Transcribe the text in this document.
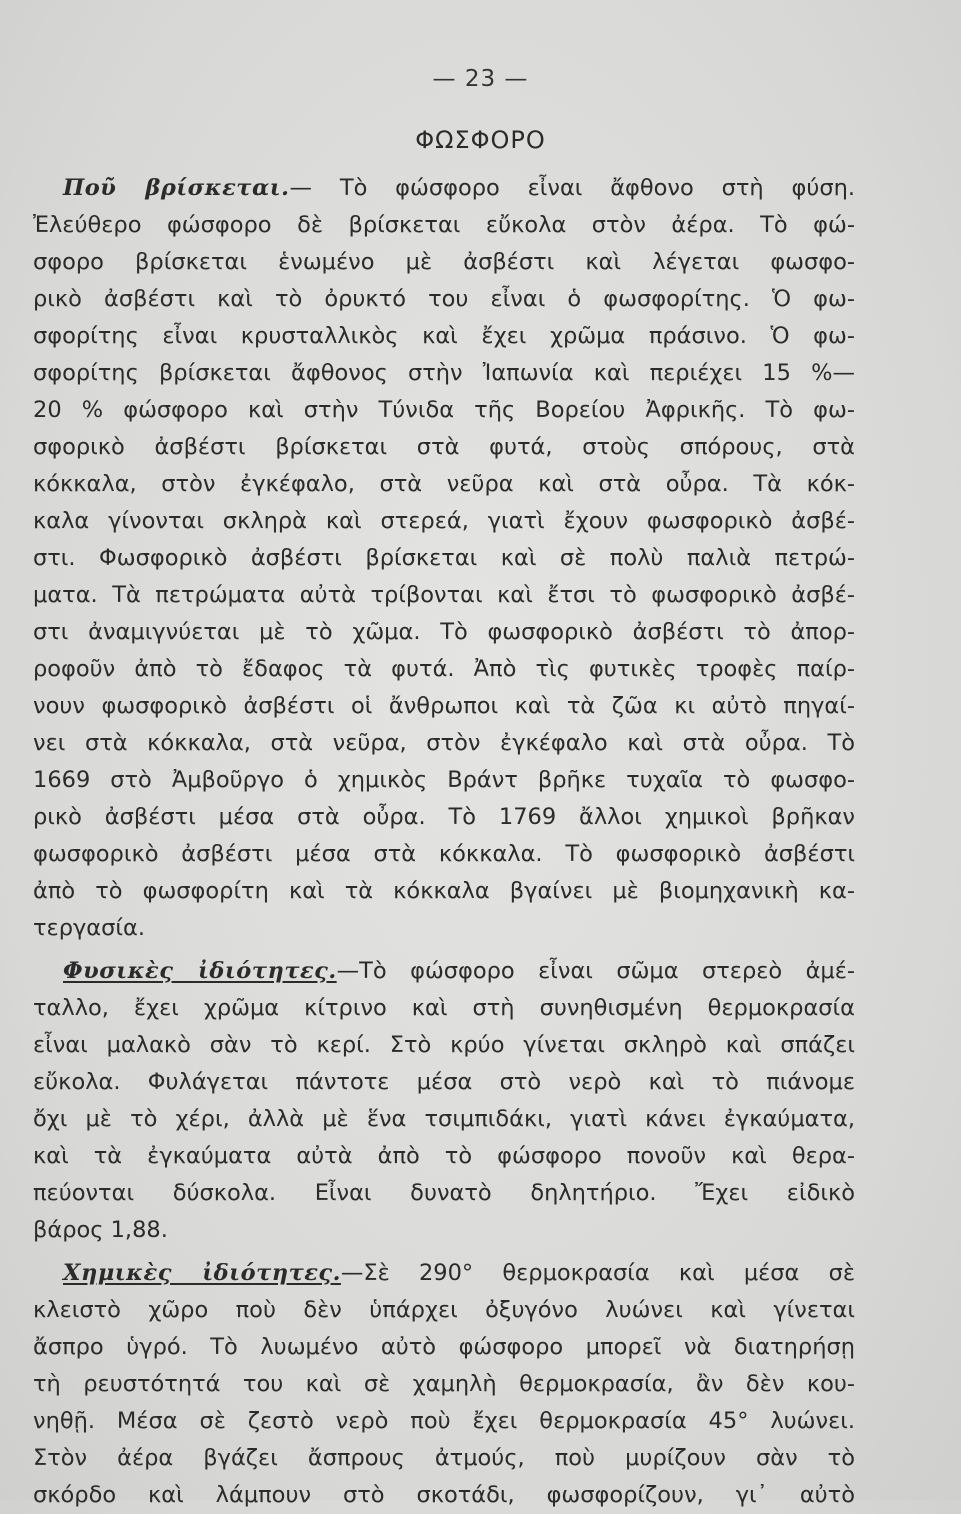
— 23 —
ΦΩΣΦΟΡΟ
Ποῦ βρίσκεται.— Τὸ φώσφορο εἶναι ἄφθονο στὴ φύση.
Ἐλεύθερο φώσφορο δὲ βρίσκεται εὔκολα στὸν ἀέρα. Τὸ φώ-
σφορο βρίσκεται ἑνωμένο μὲ ἀσβέστι καὶ λέγεται φωσφο-
ρικὸ ἀσβέστι καὶ τὸ ὀρυκτό του εἶναι ὁ φωσφορίτης. Ὁ φω-
σφορίτης εἶναι κρυσταλλικὸς καὶ ἔχει χρῶμα πράσινο. Ὁ φω-
σφορίτης βρίσκεται ἄφθονος στὴν Ἰαπωνία καὶ περιέχει 15 %—
20 % φώσφορο καὶ στὴν Τύνιδα τῆς Βορείου Ἀφρικῆς. Τὸ φω-
σφορικὸ ἀσβέστι βρίσκεται στὰ φυτά, στοὺς σπόρους, στὰ
κόκκαλα, στὸν ἐγκέφαλο, στὰ νεῦρα καὶ στὰ οὖρα. Τὰ κόκ-
καλα γίνονται σκληρὰ καὶ στερεά, γιατὶ ἔχουν φωσφορικὸ ἀσβέ-
στι. Φωσφορικὸ ἀσβέστι βρίσκεται καὶ σὲ πολὺ παλιὰ πετρώ-
ματα. Τὰ πετρώματα αὐτὰ τρίβονται καὶ ἔτσι τὸ φωσφορικὸ ἀσβέ-
στι ἀναμιγνύεται μὲ τὸ χῶμα. Τὸ φωσφορικὸ ἀσβέστι τὸ ἀπορ-
ροφοῦν ἀπὸ τὸ ἔδαφος τὰ φυτά. Ἀπὸ τὶς φυτικὲς τροφὲς παίρ-
νουν φωσφορικὸ ἀσβέστι οἱ ἄνθρωποι καὶ τὰ ζῶα κι αὐτὸ πηγαί-
νει στὰ κόκκαλα, στὰ νεῦρα, στὸν ἐγκέφαλο καὶ στὰ οὖρα. Τὸ
1669 στὸ Ἀμβοῦργο ὁ χημικὸς Βράντ βρῆκε τυχαῖα τὸ φωσφο-
ρικὸ ἀσβέστι μέσα στὰ οὖρα. Τὸ 1769 ἄλλοι χημικοὶ βρῆκαν
φωσφορικὸ ἀσβέστι μέσα στὰ κόκκαλα. Τὸ φωσφορικὸ ἀσβέστι
ἀπὸ τὸ φωσφορίτη καὶ τὰ κόκκαλα βγαίνει μὲ βιομηχανικὴ κα-
τεργασία.
Φυσικὲς ἰδιότητες.—Τὸ φώσφορο εἶναι σῶμα στερεὸ ἀμέ-
ταλλο, ἔχει χρῶμα κίτρινο καὶ στὴ συνηθισμένη θερμοκρασία
εἶναι μαλακὸ σὰν τὸ κερί. Στὸ κρύο γίνεται σκληρὸ καὶ σπάζει
εὔκολα. Φυλάγεται πάντοτε μέσα στὸ νερὸ καὶ τὸ πιάνομε
ὄχι μὲ τὸ χέρι, ἀλλὰ μὲ ἕνα τσιμπιδάκι, γιατὶ κάνει ἐγκαύματα,
καὶ τὰ ἐγκαύματα αὐτὰ ἀπὸ τὸ φώσφορο πονοῦν καὶ θερα-
πεύονται δύσκολα. Εἶναι δυνατὸ δηλητήριο. Ἔχει εἰδικὸ
βάρος 1,88.
Χημικὲς ἰδιότητες.—Σὲ 290° θερμοκρασία καὶ μέσα σὲ
κλειστὸ χῶρο ποὺ δὲν ὑπάρχει ὀξυγόνο λυώνει καὶ γίνεται
ἄσπρο ὑγρό. Τὸ λυωμένο αὐτὸ φώσφορο μπορεῖ νὰ διατηρήσῃ
τὴ ρευστότητά του καὶ σὲ χαμηλὴ θερμοκρασία, ἂν δὲν κου-
νηθῇ. Μέσα σὲ ζεστὸ νερὸ ποὺ ἔχει θερμοκρασία 45° λυώνει.
Στὸν ἀέρα βγάζει ἄσπρους ἀτμούς, ποὺ μυρίζουν σὰν τὸ
σκόρδο καὶ λάμπουν στὸ σκοτάδι, φωσφορίζουν, γι᾿ αὐτὸ
